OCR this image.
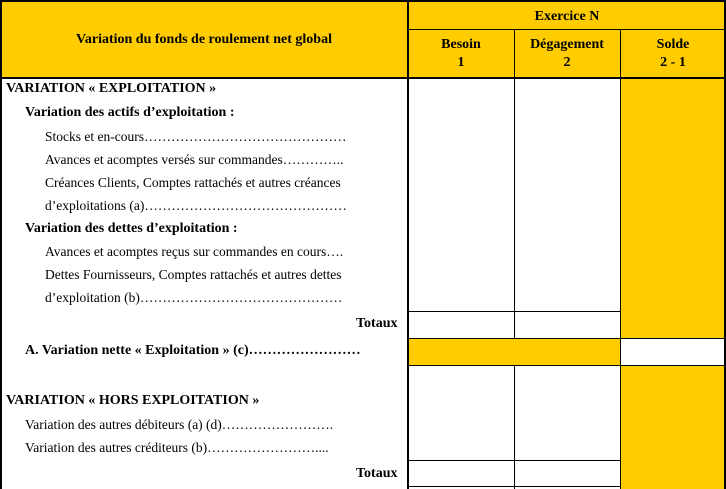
Variation du fonds de roulement net global
Exercice N
Besoin
1
Dégagement
2
Solde
2 - 1
VARIATION « EXPLOITATION »
Variation des actifs d’exploitation :
Stocks et en-cours………………………………………
Avances et acomptes versés sur commandes…………..
Créances Clients, Comptes rattachés et autres créances
d’exploitations (a)………………………………………
Variation des dettes d’exploitation :
Avances et acomptes reçus sur commandes en cours….
Dettes Fournisseurs, Comptes rattachés et autres dettes
d’exploitation (b)………………………………………
Totaux
A. Variation nette « Exploitation » (c)……………………
VARIATION « HORS EXPLOITATION »
Variation des autres débiteurs (a) (d)…………………….
Variation des autres créditeurs (b)……………………....
Totaux
